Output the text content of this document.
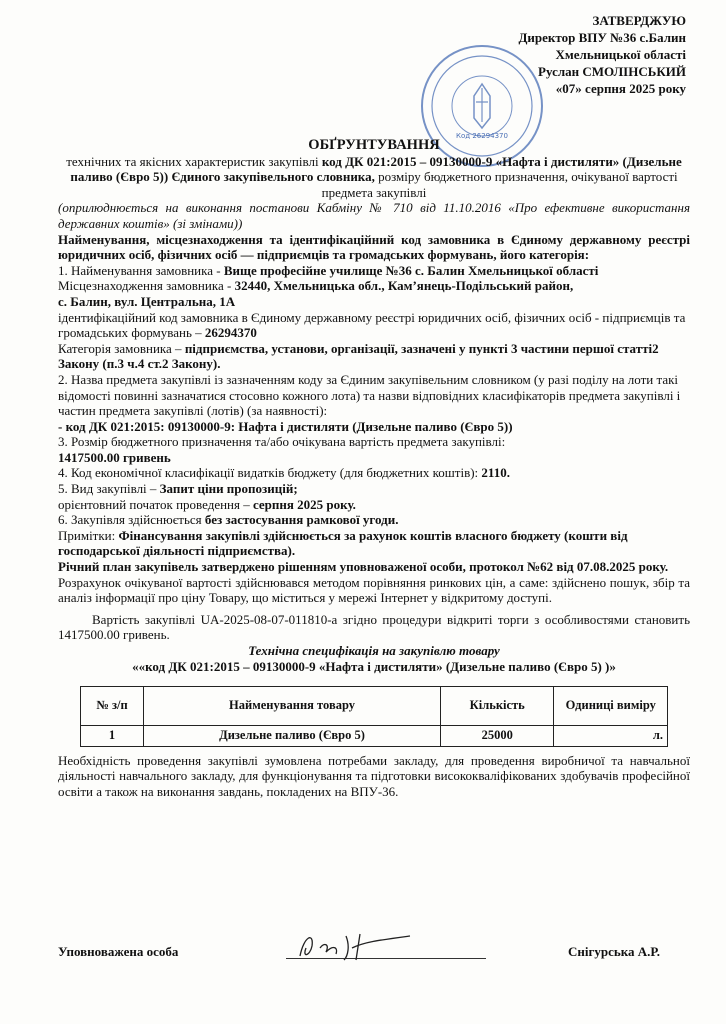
ЗАТВЕРДЖУЮ
Директор ВПУ №36 с.Балин
Хмельницької області
Руслан СМОЛІНСЬКИЙ
«07» серпня 2025 року
Код 26294370
ОБҐРУНТУВАННЯ

технічних та якісних характеристик закупівлі код ДК 021:2015 – 09130000-9 «Нафта і дистиляти» (Дизельне паливо (Євро 5)) Єдиного закупівельного словника, розміру бюджетного призначення, очікуваної вартості предмета закупівлі

(оприлюднюється на виконання постанови Кабміну № 710 від 11.10.2016 «Про ефективне використання державних коштів» (зі змінами))

Найменування, місцезнаходження та ідентифікаційний код замовника в Єдиному державному реєстрі юридичних осіб, фізичних осіб — підприємців та громадських формувань, його категорія:

1. Найменування замовника - Вище професійне училище №36 с. Балин Хмельницької області

Місцезнаходження замовника - 32440, Хмельницька обл., Кам’янець-Подільський район,

с. Балин, вул. Центральна, 1А

ідентифікаційний код замовника в Єдиному державному реєстрі юридичних осіб, фізичних осіб - підприємців та громадських формувань – 26294370

Категорія замовника – підприємства, установи, організації, зазначені у пункті 3 частини першої статті2 Закону (п.3 ч.4 ст.2 Закону).

2. Назва предмета закупівлі із зазначенням коду за Єдиним закупівельним словником (у разі поділу на лоти такі відомості повинні зазначатися стосовно кожного лота) та назви відповідних класифікаторів предмета закупівлі і частин предмета закупівлі (лотів) (за наявності):

- код ДК 021:2015: 09130000-9: Нафта і дистиляти (Дизельне паливо (Євро 5))

3. Розмір бюджетного призначення та/або очікувана вартість предмета закупівлі:

1417500.00 гривень

4. Код економічної класифікації видатків бюджету (для бюджетних коштів): 2110.

5. Вид закупівлі – Запит ціни пропозицій;

орієнтовний початок проведення – серпня 2025 року.

6. Закупівля здійснюється без застосування рамкової угоди.

Примітки: Фінансування закупівлі здійснюється за рахунок коштів власного бюджету (кошти від господарської діяльності підприємства).

Річний план закупівель затверджено рішенням уповноваженої особи, протокол №62 від 07.08.2025 року.

Розрахунок очікуваної вартості здійснювався методом порівняння ринкових цін, а саме: здійснено пошук, збір та аналіз інформації про ціну Товару, що міститься у мережі Інтернет у відкритому доступі.

Вартість закупівлі UA-2025-08-07-011810-а згідно процедури відкриті торги з особливостями становить 1417500.00 гривень.

Технічна специфікація на закупівлю товару

««код ДК 021:2015 – 09130000-9 «Нафта і дистиляти» (Дизельне паливо (Євро 5) )»

№ з/п	Найменування товару	Кількість	Одиниці виміру
1	Дизельне паливо (Євро 5)	25000	л.

Необхідність проведення закупівлі зумовлена потребами закладу, для проведення виробничої та навчальної діяльності навчального закладу, для функціонування та підготовки висококваліфікованих здобувачів професійної освіти а також на виконання завдань, покладених на ВПУ-36.

Уповноважена особа	Снігурська А.Р.
